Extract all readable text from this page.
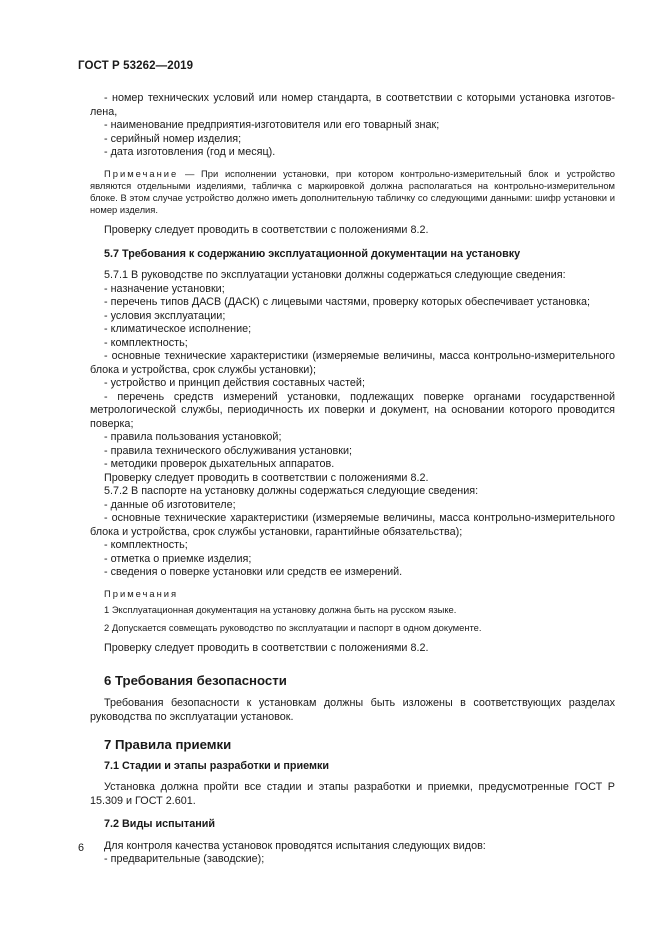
ГОСТ Р 53262—2019

- номер технических условий или номер стандарта, в соответствии с которыми установка изготов-лена,

- наименование предприятия-изготовителя или его товарный знак;

- серийный номер изделия;

- дата изготовления (год и месяц).

Примечание — При исполнении установки, при котором контрольно-измерительный блок и устройство являются отдельными изделиями, табличка с маркировкой должна располагаться на контрольно-измерительном блоке. В этом случае устройство должно иметь дополнительную табличку со следующими данными: шифр установки и номер изделия.

Проверку следует проводить в соответствии с положениями 8.2.

5.7 Требования к содержанию эксплуатационной документации на установку

5.7.1 В руководстве по эксплуатации установки должны содержаться следующие сведения:

- назначение установки;

- перечень типов ДАСВ (ДАСК) с лицевыми частями, проверку которых обеспечивает установка;

- условия эксплуатации;

- климатическое исполнение;

- комплектность;

- основные технические характеристики (измеряемые величины, масса контрольно-измерительного блока и устройства, срок службы установки);

- устройство и принцип действия составных частей;

- перечень средств измерений установки, подлежащих поверке органами государственной метрологической службы, периодичность их поверки и документ, на основании которого проводится поверка;

- правила пользования установкой;

- правила технического обслуживания установки;

- методики проверок дыхательных аппаратов.

Проверку следует проводить в соответствии с положениями 8.2.

5.7.2 В паспорте на установку должны содержаться следующие сведения:

- данные об изготовителе;

- основные технические характеристики (измеряемые величины, масса контрольно-измерительного блока и устройства, срок службы установки, гарантийные обязательства);

- комплектность;

- отметка о приемке изделия;

- сведения о поверке установки или средств ее измерений.

Примечания

1 Эксплуатационная документация на установку должна быть на русском языке.

2 Допускается совмещать руководство по эксплуатации и паспорт в одном документе.

Проверку следует проводить в соответствии с положениями 8.2.

6 Требования безопасности

Требования безопасности к установкам должны быть изложены в соответствующих разделах руководства по эксплуатации установок.

7 Правила приемки

7.1 Стадии и этапы разработки и приемки

Установка должна пройти все стадии и этапы разработки и приемки, предусмотренные ГОСТ Р 15.309 и ГОСТ 2.601.

7.2 Виды испытаний

Для контроля качества установок проводятся испытания следующих видов:

- предварительные (заводские);

6
